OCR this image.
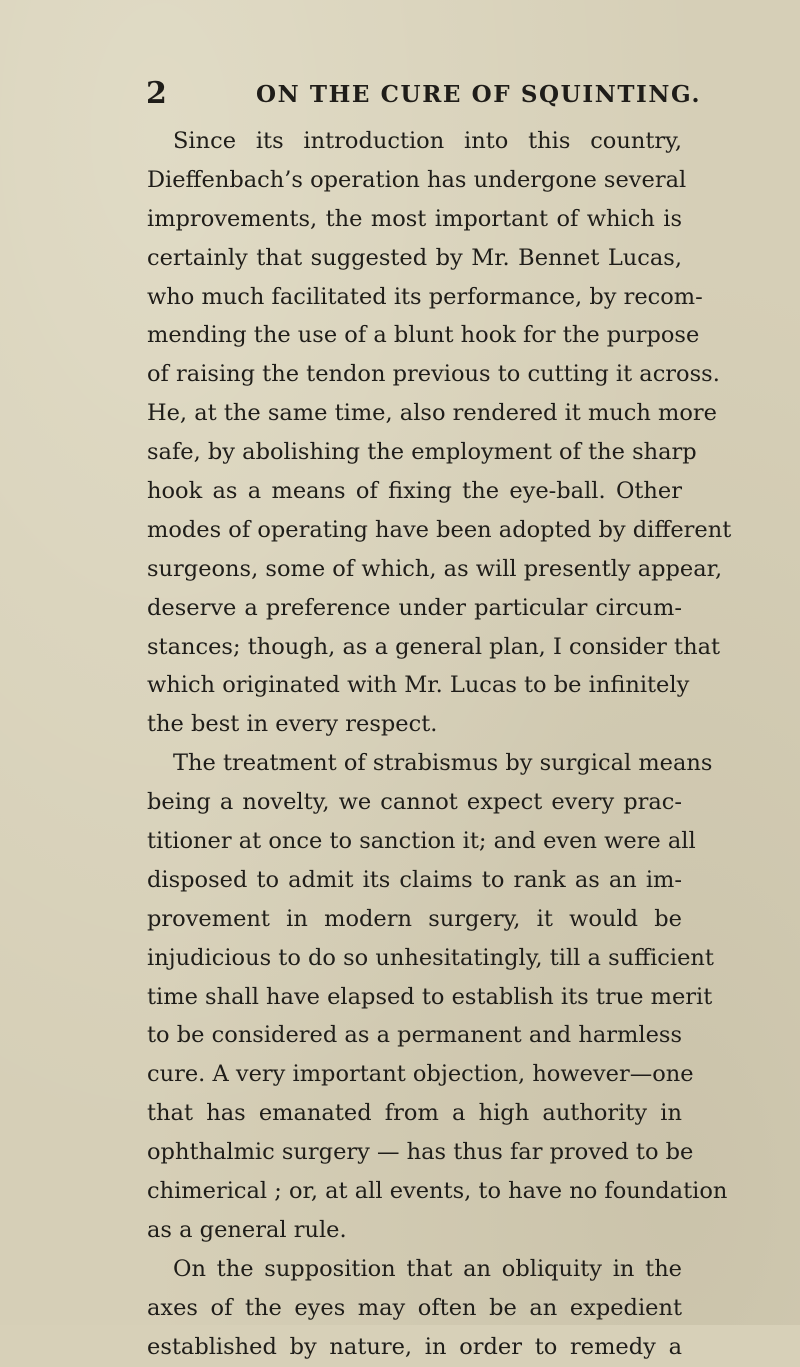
2	ON THE CURE OF SQUINTING.
Since its introduction into this country,
Dieffenbach’s operation has undergone several
improvements, the most important of which is
certainly that suggested by Mr. Bennet Lucas,
who much facilitated its performance, by recom-
mending the use of a blunt hook for the purpose
of raising the tendon previous to cutting it across.
He, at the same time, also rendered it much more
safe, by abolishing the employment of the sharp
hook as a means of fixing the eye-ball. Other
modes of operating have been adopted by different
surgeons, some of which, as will presently appear,
deserve a preference under particular circum-
stances; though, as a general plan, I consider that
which originated with Mr. Lucas to be infinitely
the best in every respect.
The treatment of strabismus by surgical means
being a novelty, we cannot expect every prac-
titioner at once to sanction it; and even were all
disposed to admit its claims to rank as an im-
provement in modern surgery, it would be
injudicious to do so unhesitatingly, till a sufficient
time shall have elapsed to establish its true merit
to be considered as a permanent and harmless
cure. A very important objection, however—one
that has emanated from a high authority in
ophthalmic surgery — has thus far proved to be
chimerical ; or, at all events, to have no foundation
as a general rule.
On the supposition that an obliquity in the
axes of the eyes may often be an expedient
established by nature, in order to remedy a
